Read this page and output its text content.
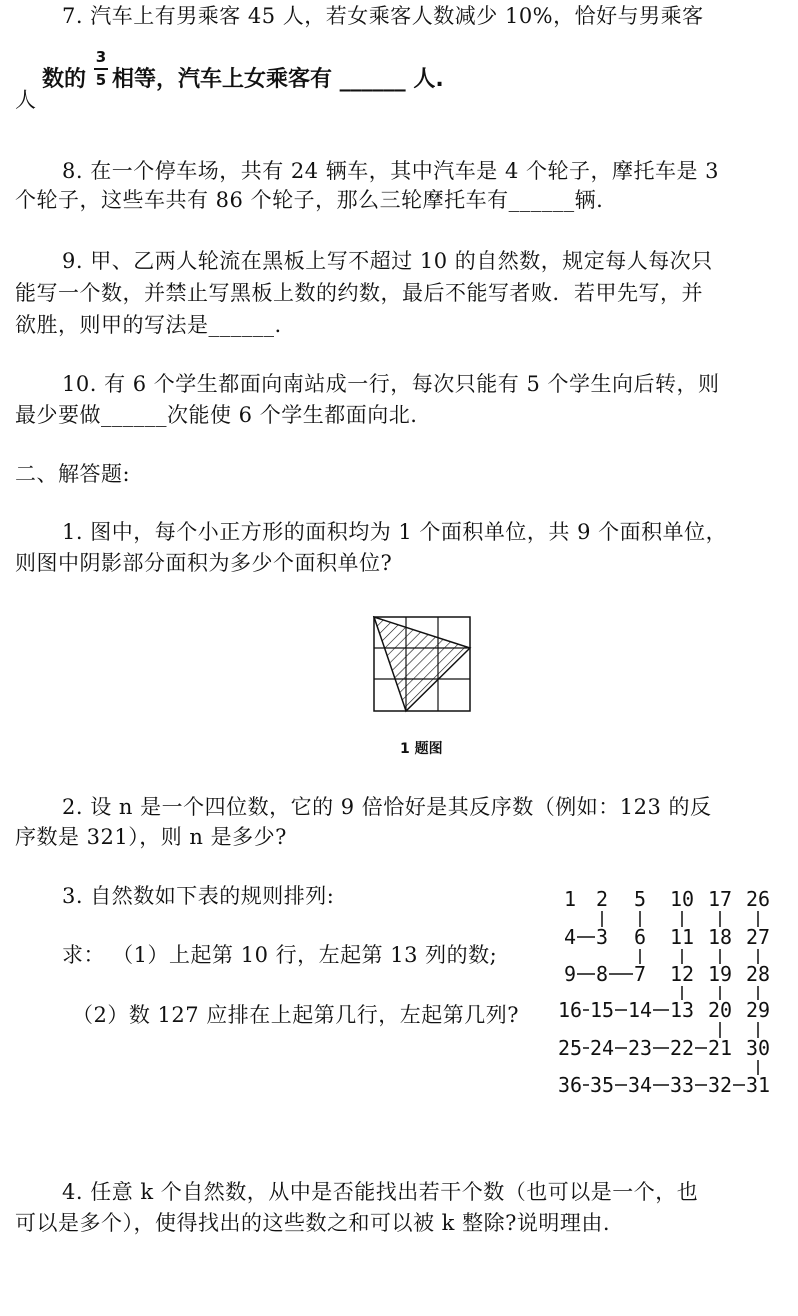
7. 汽车上有男乘客 45 人，若女乘客人数减少 10%，恰好与男乘客
数的
3
5 相等，汽车上女乘客有 ______ 人.
人
8. 在一个停车场，共有 24 辆车，其中汽车是 4 个轮子，摩托车是 3
个轮子，这些车共有 86 个轮子，那么三轮摩托车有______辆.
9. 甲、乙两人轮流在黑板上写不超过 10 的自然数，规定每人每次只
能写一个数，并禁止写黑板上数的约数，最后不能写者败．若甲先写，并
欲胜，则甲的写法是______.
10. 有 6 个学生都面向南站成一行，每次只能有 5 个学生向后转，则
最少要做______次能使 6 个学生都面向北.
二、解答题:
1. 图中，每个小正方形的面积均为 1 个面积单位，共 9 个面积单位，
则图中阴影部分面积为多少个面积单位?
1 题图
2. 设 n 是一个四位数，它的 9 倍恰好是其反序数（例如：123 的反
序数是 321），则 n 是多少?
3. 自然数如下表的规则排列:
求： （1）上起第 10 行，左起第 13 列的数;
（2）数 127 应排在上起第几行，左起第几列?
1 2 5 10 17 26
4 3 6 11 18 27
9 8 7 12 19 28
16 15 14 13 20 29
25 24 23 22 21 30
36 35 34 33 32 31
4. 任意 k 个自然数，从中是否能找出若干个数（也可以是一个，也
可以是多个），使得找出的这些数之和可以被 k 整除?说明理由.
